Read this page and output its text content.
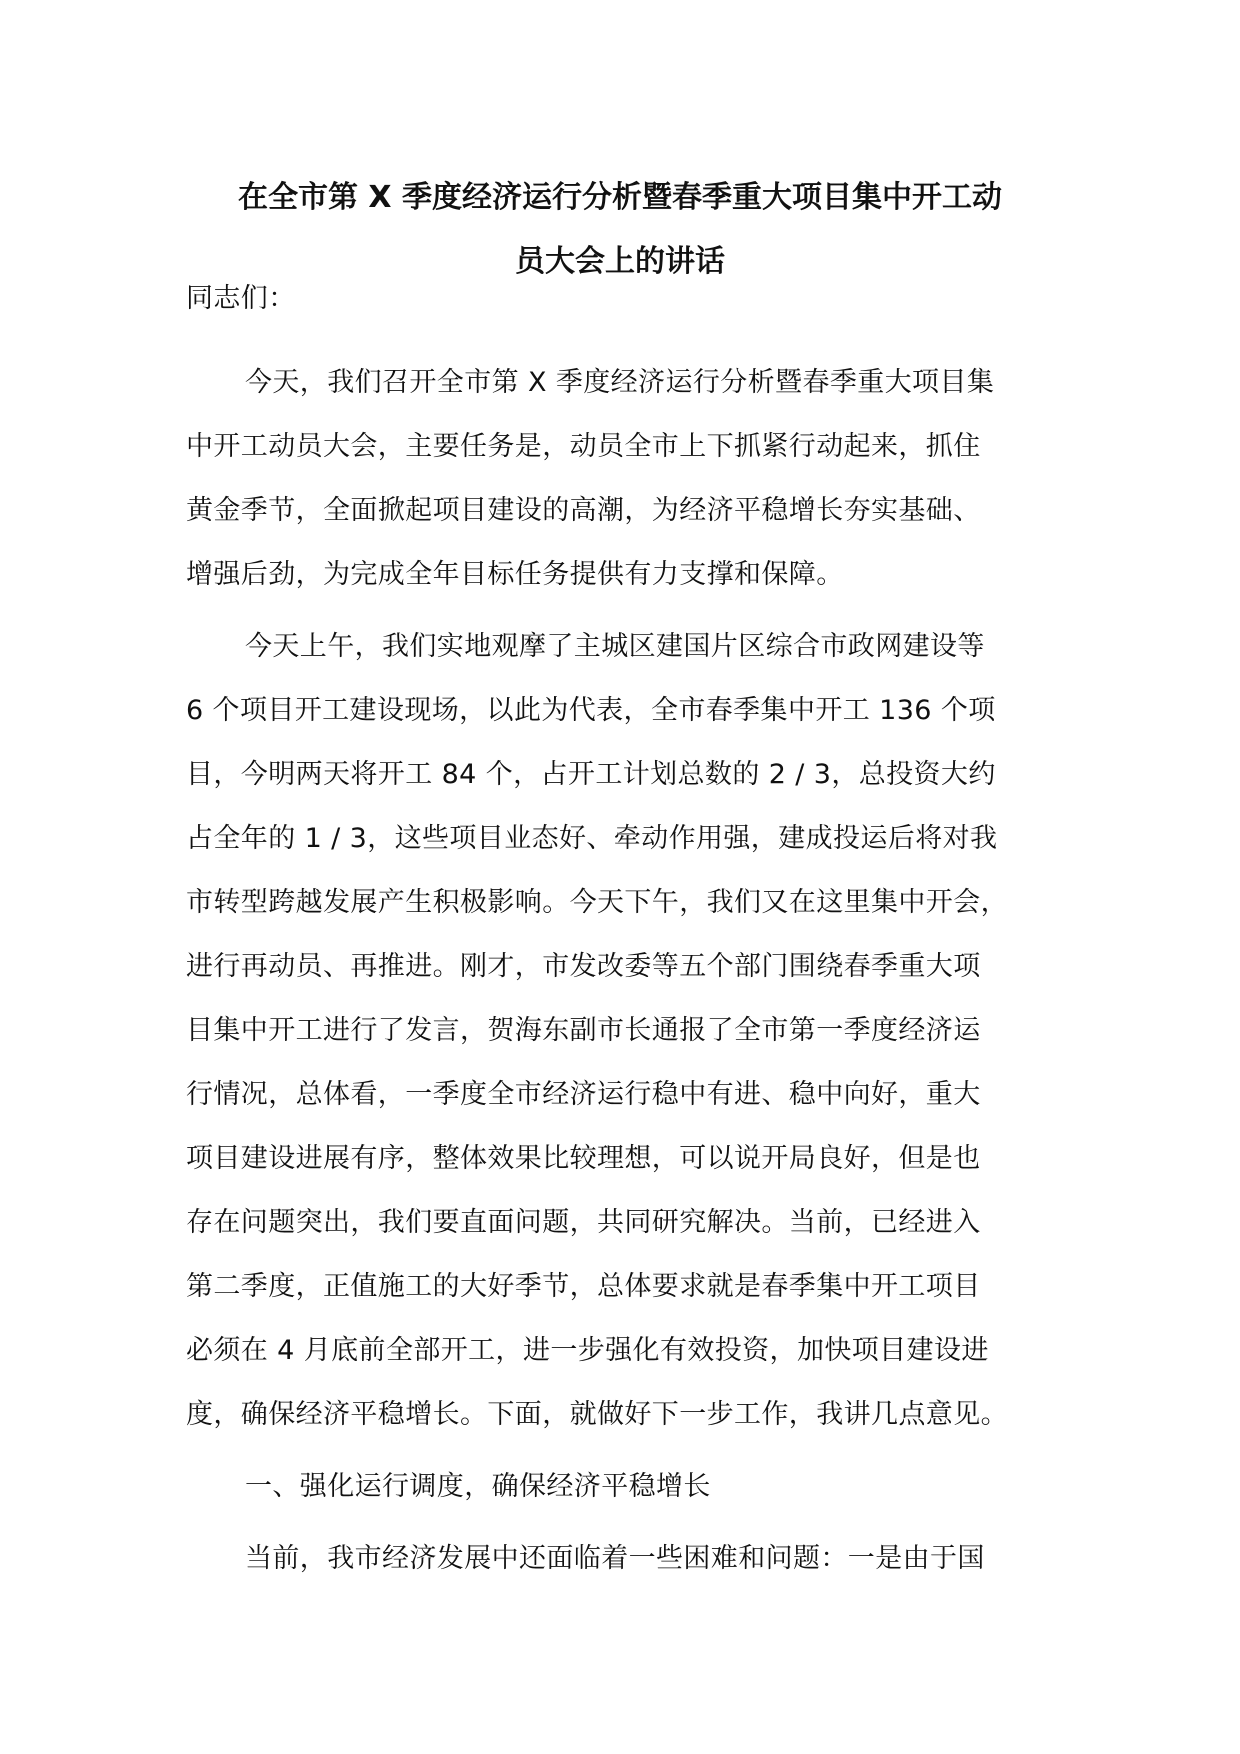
在全市第 X 季度经济运行分析暨春季重大项目集中开工动
员大会上的讲话
同志们：
今天，我们召开全市第 X 季度经济运行分析暨春季重大项目集
中开工动员大会，主要任务是，动员全市上下抓紧行动起来，抓住
黄金季节，全面掀起项目建设的高潮，为经济平稳增长夯实基础、
增强后劲，为完成全年目标任务提供有力支撑和保障。
今天上午，我们实地观摩了主城区建国片区综合市政网建设等
6 个项目开工建设现场，以此为代表，全市春季集中开工 136 个项
目，今明两天将开工 84 个，占开工计划总数的 2 / 3，总投资大约
占全年的 1 / 3，这些项目业态好、牵动作用强，建成投运后将对我
市转型跨越发展产生积极影响。今天下午，我们又在这里集中开会，
进行再动员、再推进。刚才，市发改委等五个部门围绕春季重大项
目集中开工进行了发言，贺海东副市长通报了全市第一季度经济运
行情况，总体看，一季度全市经济运行稳中有进、稳中向好，重大
项目建设进展有序，整体效果比较理想，可以说开局良好，但是也
存在问题突出，我们要直面问题，共同研究解决。当前，已经进入
第二季度，正值施工的大好季节，总体要求就是春季集中开工项目
必须在 4 月底前全部开工，进一步强化有效投资，加快项目建设进
度，确保经济平稳增长。下面，就做好下一步工作，我讲几点意见。
一、强化运行调度，确保经济平稳增长
当前，我市经济发展中还面临着一些困难和问题：一是由于国
